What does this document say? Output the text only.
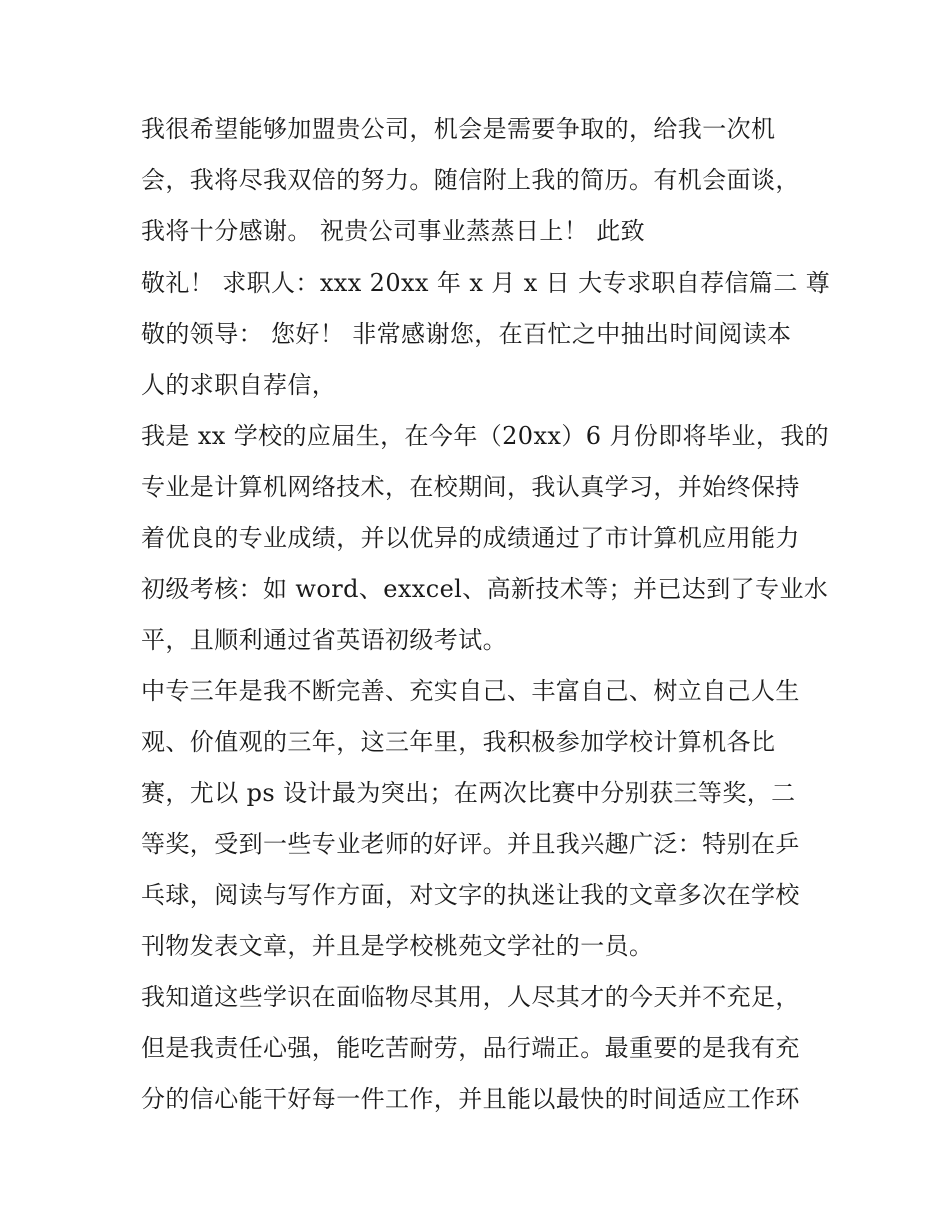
我很希望能够加盟贵公司，机会是需要争取的，给我一次机
会，我将尽我双倍的努力。随信附上我的简历。有机会面谈，
我将十分感谢。 祝贵公司事业蒸蒸日上！ 此致
敬礼！ 求职人：xxx 20xx 年 x 月 x 日 大专求职自荐信篇二 尊
敬的领导： 您好！ 非常感谢您，在百忙之中抽出时间阅读本
人的求职自荐信，
我是 xx 学校的应届生，在今年（20xx）6 月份即将毕业，我的
专业是计算机网络技术，在校期间，我认真学习，并始终保持
着优良的专业成绩，并以优异的成绩通过了市计算机应用能力
初级考核：如 word、exxcel、高新技术等；并已达到了专业水
平，且顺利通过省英语初级考试。
中专三年是我不断完善、充实自己、丰富自己、树立自己人生
观、价值观的三年，这三年里，我积极参加学校计算机各比
赛，尤以 ps 设计最为突出；在两次比赛中分别获三等奖，二
等奖，受到一些专业老师的好评。并且我兴趣广泛：特别在乒
乓球，阅读与写作方面，对文字的执迷让我的文章多次在学校
刊物发表文章，并且是学校桃苑文学社的一员。
我知道这些学识在面临物尽其用，人尽其才的今天并不充足，
但是我责任心强，能吃苦耐劳，品行端正。最重要的是我有充
分的信心能干好每一件工作，并且能以最快的时间适应工作环
